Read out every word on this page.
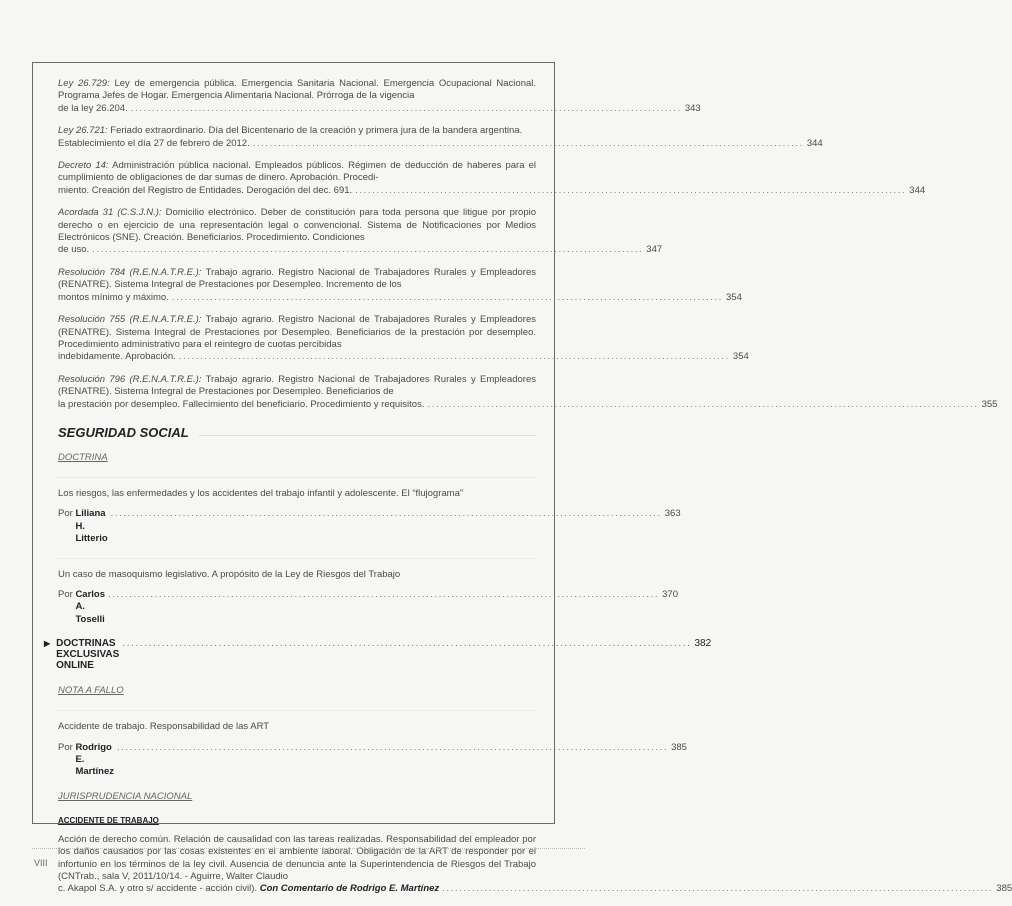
Ley 26.729: Ley de emergencia pública. Emergencia Sanitaria Nacional. Emergencia Ocupacional Nacional. Programa Jefes de Hogar. Emergencia Alimentaria Nacional. Prórroga de la vigencia
de la ley 26.204. .................................................................................................................................. 343
Ley 26.721: Feriado extraordinario. Día del Bicentenario de la creación y primera jura de la bandera argentina.
Establecimiento el día 27 de febrero de 2012. .................................................................................................................................. 344
Decreto 14: Administración pública nacional. Empleados públicos. Régimen de deducción de haberes para el cumplimiento de obligaciones de dar sumas de dinero. Aprobación. Procedi-
miento. Creación del Registro de Entidades. Derogación del dec. 691. .................................................................................................................................. 344
Acordada 31 (C.S.J.N.): Domicilio electrónico. Deber de constitución para toda persona que litigue por propio derecho o en ejercicio de una representación legal o convencional. Sistema de Notificaciones por Medios Electrónicos (SNE). Creación. Beneficiarios. Procedimiento. Condiciones
de uso. .................................................................................................................................. 347
Resolución 784 (R.E.N.A.T.R.E.): Trabajo agrario. Registro Nacional de Trabajadores Rurales y Empleadores (RENATRE). Sistema Integral de Prestaciones por Desempleo. Incremento de los
montos mínimo y máximo. .................................................................................................................................. 354
Resolución 755 (R.E.N.A.T.R.E.): Trabajo agrario. Registro Nacional de Trabajadores Rurales y Empleadores (RENATRE). Sistema Integral de Prestaciones por Desempleo. Beneficiarios de la prestación por desempleo. Procedimiento administrativo para el reintegro de cuotas percibidas
indebidamente. Aprobación. .................................................................................................................................. 354
Resolución 796 (R.E.N.A.T.R.E.): Trabajo agrario. Registro Nacional de Trabajadores Rurales y Empleadores (RENATRE). Sistema Integral de Prestaciones por Desempleo. Beneficiarios de
la prestación por desempleo. Fallecimiento del beneficiario. Procedimiento y requisitos. .................................................................................................................................. 355
SEGURIDAD SOCIAL
DOCTRINA
Los riesgos, las enfermedades y los accidentes del trabajo infantil y adolescente. El “flujograma”
Por
Liliana H. Litterio
.................................................................................................................................. 363
Un caso de masoquismo legislativo. A propósito de la Ley de Riesgos del Trabajo
Por
Carlos A. Toselli
.................................................................................................................................. 370
▶ DOCTRINAS EXCLUSIVAS ONLINE
.................................................................................................................................. 382
NOTA A FALLO
Accidente de trabajo. Responsabilidad de las ART
Por
Rodrigo E. Martínez
.................................................................................................................................. 385
JURISPRUDENCIA NACIONAL
ACCIDENTE DE TRABAJO
Acción de derecho común. Relación de causalidad con las tareas realizadas. Responsabilidad del empleador por los daños causados por las cosas existentes en el ambiente laboral. Obligación de la ART de responder por el infortunio en los términos de la ley civil. Ausencia de denuncia ante la Superintendencia de Riesgos del Trabajo (CNTrab., sala V, 2011/10/14. - Aguirre, Walter Claudio
c. Akapol S.A. y otro s/ accidente - acción civil). Con Comentario de Rodrigo E. Martínez .................................................................................................................................. 385
VIII
